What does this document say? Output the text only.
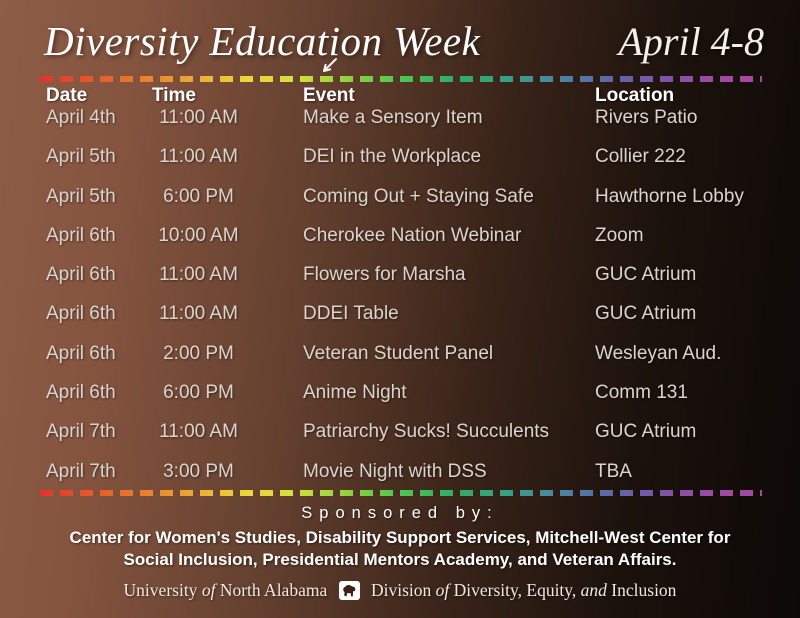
Diversity Education Week	April 4-8
Date	Time	Event	Location
April 4th	11:00 AM	Make a Sensory Item	Rivers Patio
April 5th	11:00 AM	DEI in the Workplace	Collier 222
April 5th	6:00 PM	Coming Out + Staying Safe	Hawthorne Lobby
April 6th	10:00 AM	Cherokee Nation Webinar	Zoom
April 6th	11:00 AM	Flowers for Marsha	GUC Atrium
April 6th	11:00 AM	DDEI Table	GUC Atrium
April 6th	2:00 PM	Veteran Student Panel	Wesleyan Aud.
April 6th	6:00 PM	Anime Night	Comm 131
April 7th	11:00 AM	Patriarchy Sucks! Succulents	GUC Atrium
April 7th	3:00 PM	Movie Night with DSS	TBA
Sponsored by:
Center for Women's Studies, Disability Support Services, Mitchell-West Center for
Social Inclusion, Presidential Mentors Academy, and Veteran Affairs.
University of North Alabama	Division of Diversity, Equity, and Inclusion
